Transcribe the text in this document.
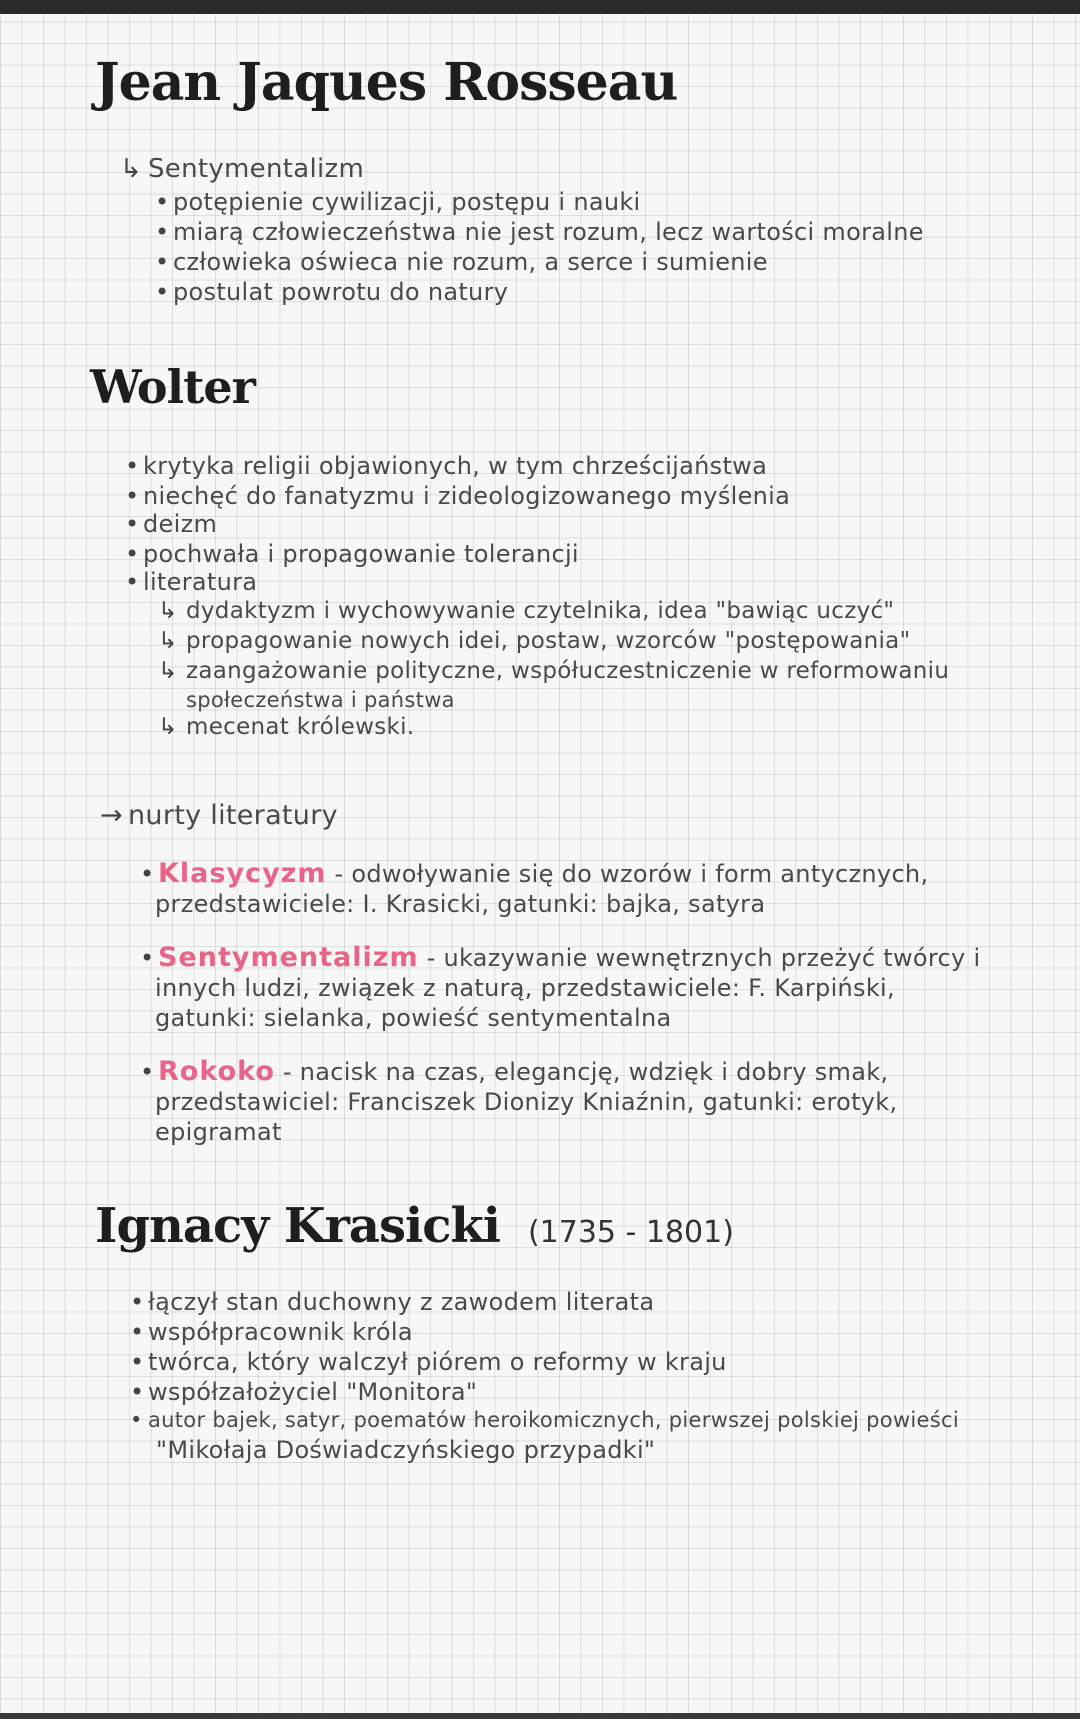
Jean Jaques Rosseau
↳ Sentymentalizm
• potępienie cywilizacji, postępu i nauki
• miarą człowieczeństwa nie jest rozum, lecz wartości moralne
• człowieka oświeca nie rozum, a serce i sumienie
• postulat powrotu do natury
Wolter
• krytyka religii objawionych, w tym chrześcijaństwa
• niechęć do fanatyzmu i zideologizowanego myślenia
• deizm
• pochwała i propagowanie tolerancji
• literatura
↳ dydaktyzm i wychowywanie czytelnika, idea "bawiąc uczyć"
↳ propagowanie nowych idei, postaw, wzorców "postępowania"
↳ zaangażowanie polityczne, współuczestniczenie w reformowaniu
społeczeństwa i państwa
↳ mecenat królewski.
→ nurty literatury
• Klasycyzm - odwoływanie się do wzorów i form antycznych,
przedstawiciele: I. Krasicki, gatunki: bajka, satyra
• Sentymentalizm - ukazywanie wewnętrznych przeżyć twórcy i
innych ludzi, związek z naturą, przedstawiciele: F. Karpiński,
gatunki: sielanka, powieść sentymentalna
• Rokoko - nacisk na czas, elegancję, wdzięk i dobry smak,
przedstawiciel: Franciszek Dionizy Kniaźnin, gatunki: erotyk,
epigramat
Ignacy Krasicki (1735 - 1801)
• łączył stan duchowny z zawodem literata
• współpracownik króla
• twórca, który walczył piórem o reformy w kraju
• współzałożyciel "Monitora"
• autor bajek, satyr, poematów heroikomicznych, pierwszej polskiej powieści
"Mikołaja Doświadczyńskiego przypadki"
